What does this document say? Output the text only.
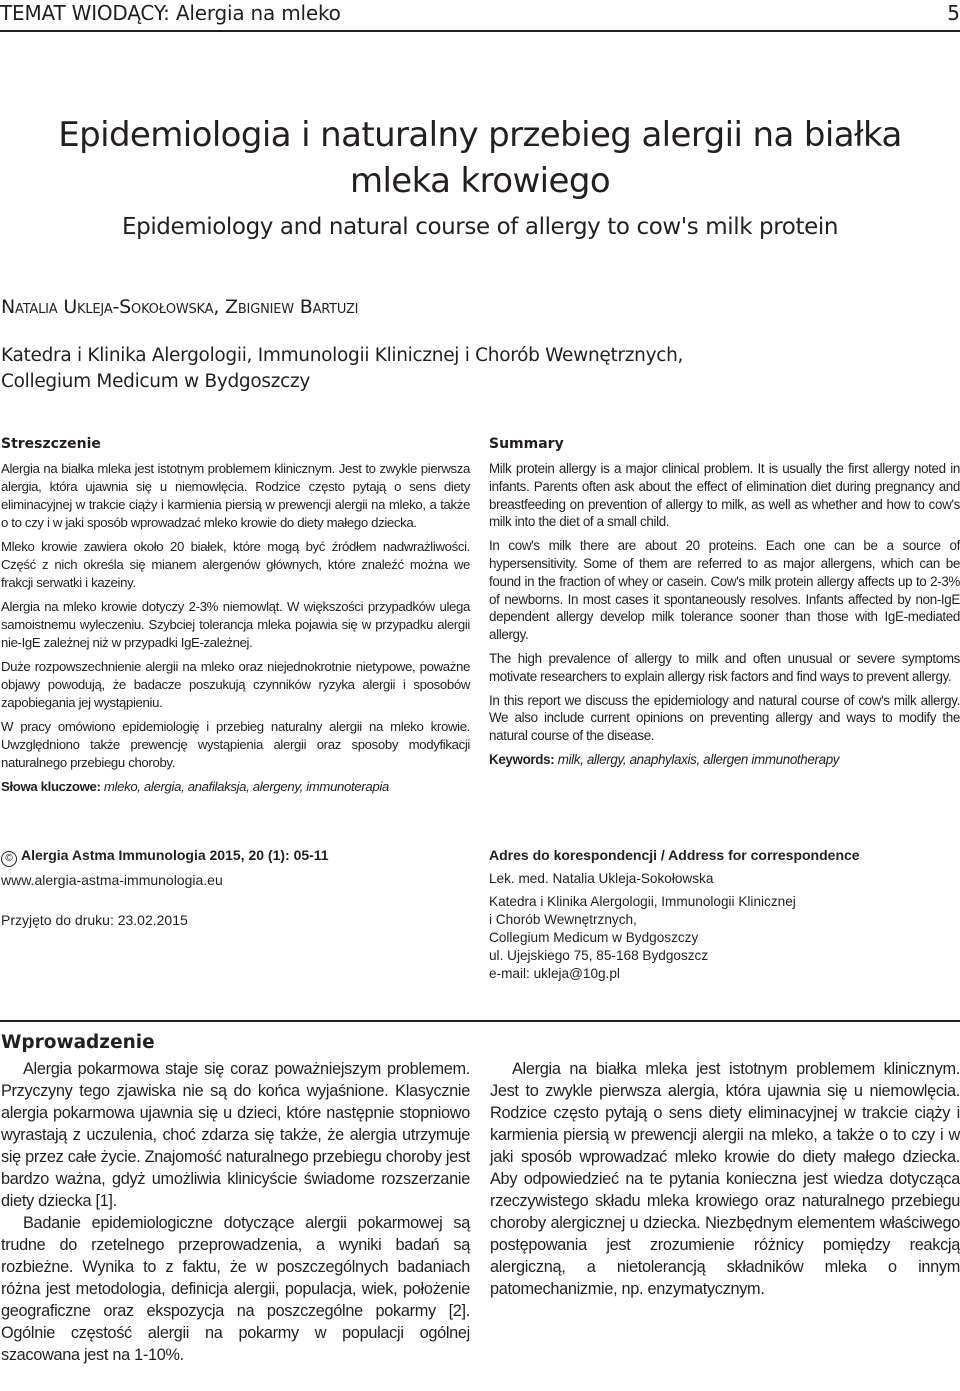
TEMAT WIODĄCY: Alergia na mleko	5
Epidemiologia i naturalny przebieg alergii na białka
mleka krowiego
Epidemiology and natural course of allergy to cow's milk protein
Natalia Ukleja-Sokołowska, Zbigniew Bartuzi
Katedra i Klinika Alergologii, Immunologii Klinicznej i Chorób Wewnętrznych,
Collegium Medicum w Bydgoszczy
Streszczenie

Alergia na białka mleka jest istotnym problemem klinicznym. Jest to zwykle pierwsza alergia, która ujawnia się u niemowlęcia. Rodzice często pytają o sens diety eliminacyjnej w trakcie ciąży i karmienia piersią w prewencji alergii na mleko, a także o to czy i w jaki sposób wprowadzać mleko krowie do diety małego dziecka.

Mleko krowie zawiera około 20 białek, które mogą być źródłem nadwrażliwości. Część z nich określa się mianem alergenów głównych, które znaleźć można we frakcji serwatki i kazeiny.

Alergia na mleko krowie dotyczy 2-3% niemowląt. W większości przypadków ulega samoistnemu wyleczeniu. Szybciej tolerancja mleka pojawia się w przypadku alergii nie-IgE zależnej niż w przypadki IgE-zależnej.

Duże rozpowszechnienie alergii na mleko oraz niejednokrotnie nietypowe, poważne objawy powodują, że badacze poszukują czynników ryzyka alergii i sposobów zapobiegania jej wystąpieniu.

W pracy omówiono epidemiologię i przebieg naturalny alergii na mleko krowie. Uwzględniono także prewencję wystąpienia alergii oraz sposoby modyfikacji naturalnego przebiegu choroby.

Słowa kluczowe: mleko, alergia, anafilaksja, alergeny, immunoterapia

Summary

Milk protein allergy is a major clinical problem. It is usually the first allergy noted in infants. Parents often ask about the effect of elimination diet during pregnancy and breastfeeding on prevention of allergy to milk, as well as whether and how to cow's milk into the diet of a small child.

In cow's milk there are about 20 proteins. Each one can be a source of hypersensitivity. Some of them are referred to as major allergens, which can be found in the fraction of whey or casein. Cow's milk protein allergy affects up to 2-3% of newborns. In most cases it spontaneously resolves. Infants affected by non-IgE dependent allergy develop milk tolerance sooner than those with IgE-mediated allergy.

The high prevalence of allergy to milk and often unusual or severe symptoms motivate researchers to explain allergy risk factors and find ways to prevent allergy.

In this report we discuss the epidemiology and natural course of cow's milk allergy. We also include current opinions on preventing allergy and ways to modify the natural course of the disease.

Keywords: milk, allergy, anaphylaxis, allergen immunotherapy

© Alergia Astma Immunologia 2015, 20 (1): 05-11
www.alergia-astma-immunologia.eu
Przyjęto do druku: 23.02.2015
Adres do korespondencji / Address for correspondence
Lek. med. Natalia Ukleja-Sokołowska
Katedra i Klinika Alergologii, Immunologii Klinicznej
i Chorób Wewnętrznych,
Collegium Medicum w Bydgoszczy
ul. Ujejskiego 75, 85-168 Bydgoszcz
e-mail: ukleja@10g.pl
Wprowadzenie

Alergia pokarmowa staje się coraz poważniejszym problemem. Przyczyny tego zjawiska nie są do końca wyjaśnione. Klasycznie alergia pokarmowa ujawnia się u dzieci, które następnie stopniowo wyrastają z uczulenia, choć zdarza się także, że alergia utrzymuje się przez całe życie. Znajomość naturalnego przebiegu choroby jest bardzo ważna, gdyż umożliwia klinicyście świadome rozszerzanie diety dziecka [1].

Badanie epidemiologiczne dotyczące alergii pokarmowej są trudne do rzetelnego przeprowadzenia, a wyniki badań są rozbieżne. Wynika to z faktu, że w poszczególnych badaniach różna jest metodologia, definicja alergii, populacja, wiek, położenie geograficzne oraz ekspozycja na poszczególne pokarmy [2]. Ogólnie częstość alergii na pokarmy w populacji ogólnej szacowana jest na 1-10%.

Alergia na białka mleka jest istotnym problemem klinicznym. Jest to zwykle pierwsza alergia, która ujawnia się u niemowlęcia. Rodzice często pytają o sens diety eliminacyjnej w trakcie ciąży i karmienia piersią w prewencji alergii na mleko, a także o to czy i w jaki sposób wprowadzać mleko krowie do diety małego dziecka. Aby odpowiedzieć na te pytania konieczna jest wiedza dotycząca rzeczywistego składu mleka krowiego oraz naturalnego przebiegu choroby alergicznej u dziecka. Niezbędnym elementem właściwego postępowania jest zrozumienie różnicy pomiędzy reakcją alergiczną, a nietolerancją składników mleka o innym patomechanizmie, np. enzymatycznym.
